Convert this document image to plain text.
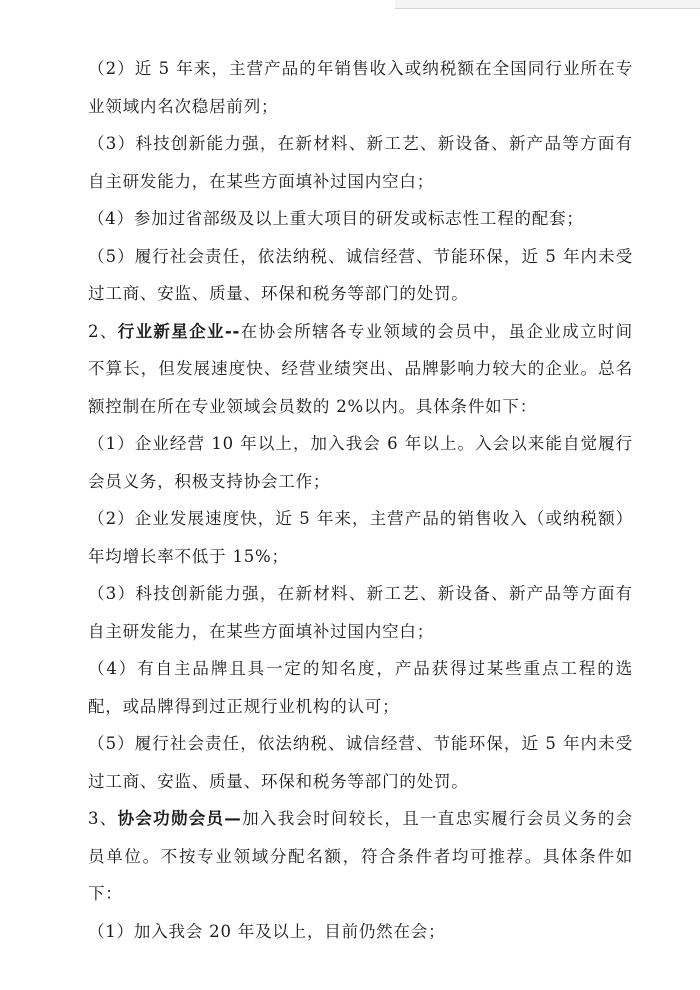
（2）近 5 年来，主营产品的年销售收入或纳税额在全国同行业所在专业领域内名次稳居前列；

（3）科技创新能力强，在新材料、新工艺、新设备、新产品等方面有自主研发能力，在某些方面填补过国内空白；

（4）参加过省部级及以上重大项目的研发或标志性工程的配套；

（5）履行社会责任，依法纳税、诚信经营、节能环保，近 5 年内未受过工商、安监、质量、环保和税务等部门的处罚。

2、行业新星企业--在协会所辖各专业领域的会员中，虽企业成立时间不算长，但发展速度快、经营业绩突出、品牌影响力较大的企业。总名额控制在所在专业领域会员数的 2%以内。具体条件如下：

（1）企业经营 10 年以上，加入我会 6 年以上。入会以来能自觉履行会员义务，积极支持协会工作；

（2）企业发展速度快，近 5 年来，主营产品的销售收入（或纳税额）年均增长率不低于 15%；

（3）科技创新能力强，在新材料、新工艺、新设备、新产品等方面有自主研发能力，在某些方面填补过国内空白；

（4）有自主品牌且具一定的知名度，产品获得过某些重点工程的选配，或品牌得到过正规行业机构的认可；

（5）履行社会责任，依法纳税、诚信经营、节能环保，近 5 年内未受过工商、安监、质量、环保和税务等部门的处罚。

3、协会功勋会员—加入我会时间较长，且一直忠实履行会员义务的会员单位。不按专业领域分配名额，符合条件者均可推荐。具体条件如下：

（1）加入我会 20 年及以上，目前仍然在会；
